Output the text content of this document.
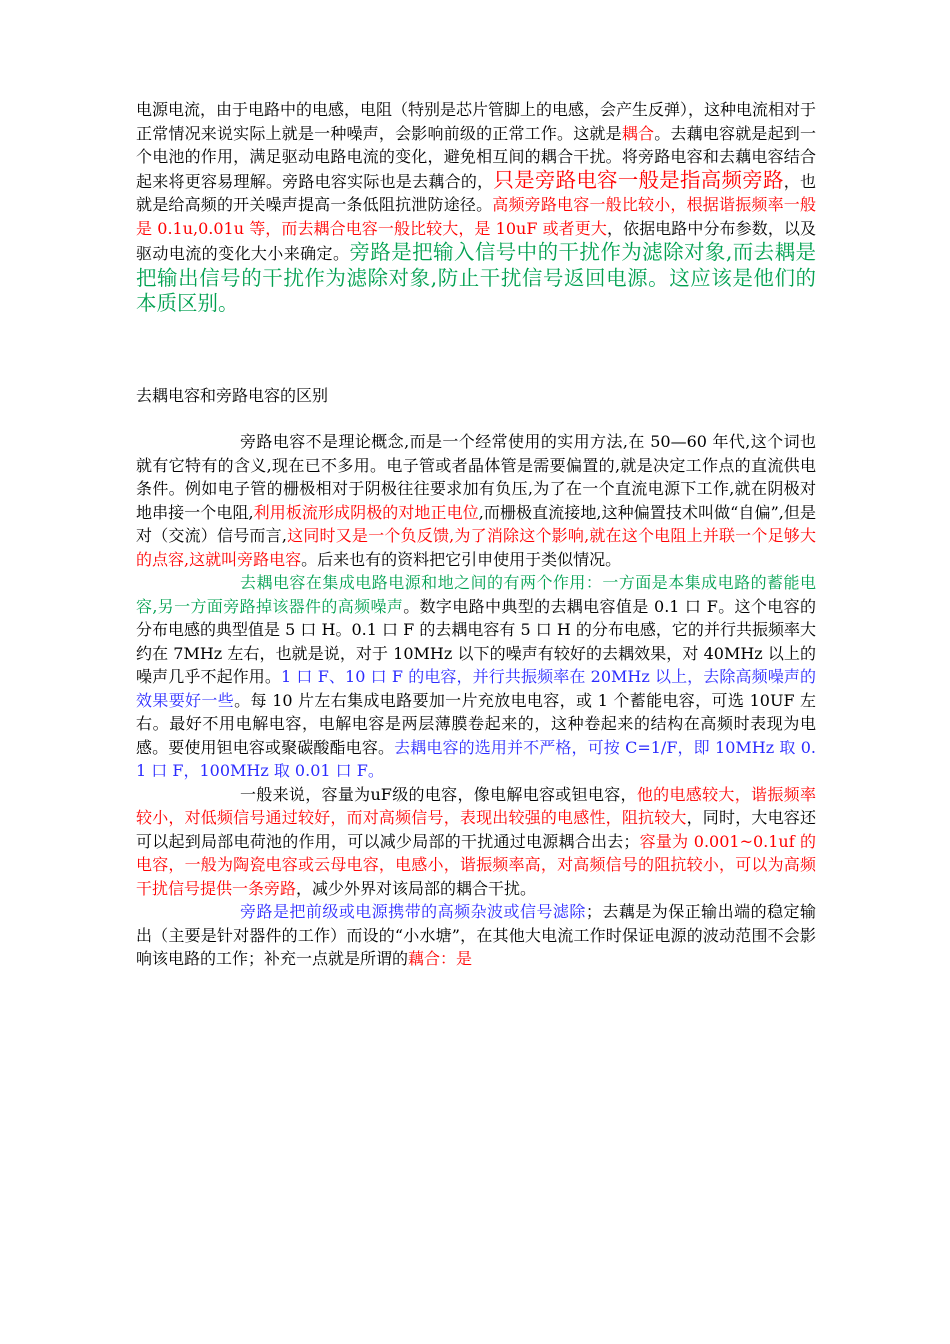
电源电流，由于电路中的电感，电阻（特别是芯片管脚上的电感，会产生反弹），这种电流相对于正常情况来说实际上就是一种噪声，会影响前级的正常工作。这就是耦合。去藕电容就是起到一个电池的作用，满足驱动电路电流的变化，避免相互间的耦合干扰。将旁路电容和去藕电容结合起来将更容易理解。旁路电容实际也是去藕合的，只是旁路电容一般是指高频旁路，也就是给高频的开关噪声提高一条低阻抗泄防途径。高频旁路电容一般比较小，根据谐振频率一般是 0.1u,0.01u 等，而去耦合电容一般比较大，是 10uF 或者更大，依据电路中分布参数，以及驱动电流的变化大小来确定。旁路是把输入信号中的干扰作为滤除对象,而去耦是把输出信号的干扰作为滤除对象,防止干扰信号返回电源。这应该是他们的本质区别。

去耦电容和旁路电容的区别

旁路电容不是理论概念,而是一个经常使用的实用方法,在 50—60 年代,这个词也就有它特有的含义,现在已不多用。电子管或者晶体管是需要偏置的,就是决定工作点的直流供电条件。例如电子管的栅极相对于阴极往往要求加有负压,为了在一个直流电源下工作,就在阴极对地串接一个电阻,利用板流形成阴极的对地正电位,而栅极直流接地,这种偏置技术叫做“自偏”,但是对（交流）信号而言,这同时又是一个负反馈,为了消除这个影响,就在这个电阻上并联一个足够大的点容,这就叫旁路电容。后来也有的资料把它引申使用于类似情况。

去耦电容在集成电路电源和地之间的有两个作用：一方面是本集成电路的蓄能电容,另一方面旁路掉该器件的高频噪声。数字电路中典型的去耦电容值是 0.1 口 F。这个电容的分布电感的典型值是 5 口 H。0.1 口 F 的去耦电容有 5 口 H 的分布电感，它的并行共振频率大约在 7MHz 左右，也就是说，对于 10MHz 以下的噪声有较好的去耦效果，对 40MHz 以上的噪声几乎不起作用。1 口 F、10 口 F 的电容，并行共振频率在 20MHz 以上，去除高频噪声的效果要好一些。每 10 片左右集成电路要加一片充放电电容，或 1 个蓄能电容，可选 10UF 左右。最好不用电解电容，电解电容是两层薄膜卷起来的，这种卷起来的结构在高频时表现为电感。要使用钽电容或聚碳酸酯电容。去耦电容的选用并不严格，可按 C=1/F，即 10MHz 取 0.1 口 F，100MHz 取 0.01 口 F。

一般来说，容量为uF级的电容，像电解电容或钽电容，他的电感较大，谐振频率较小，对低频信号通过较好，而对高频信号，表现出较强的电感性，阻抗较大，同时，大电容还可以起到局部电荷池的作用，可以减少局部的干扰通过电源耦合出去；容量为 0.001~0.1uf 的电容，一般为陶瓷电容或云母电容，电感小，谐振频率高，对高频信号的阻抗较小，可以为高频干扰信号提供一条旁路，减少外界对该局部的耦合干扰。

旁路是把前级或电源携带的高频杂波或信号滤除；去藕是为保正输出端的稳定输出（主要是针对器件的工作）而设的“小水塘”，在其他大电流工作时保证电源的波动范围不会影响该电路的工作；补充一点就是所谓的藕合：是
